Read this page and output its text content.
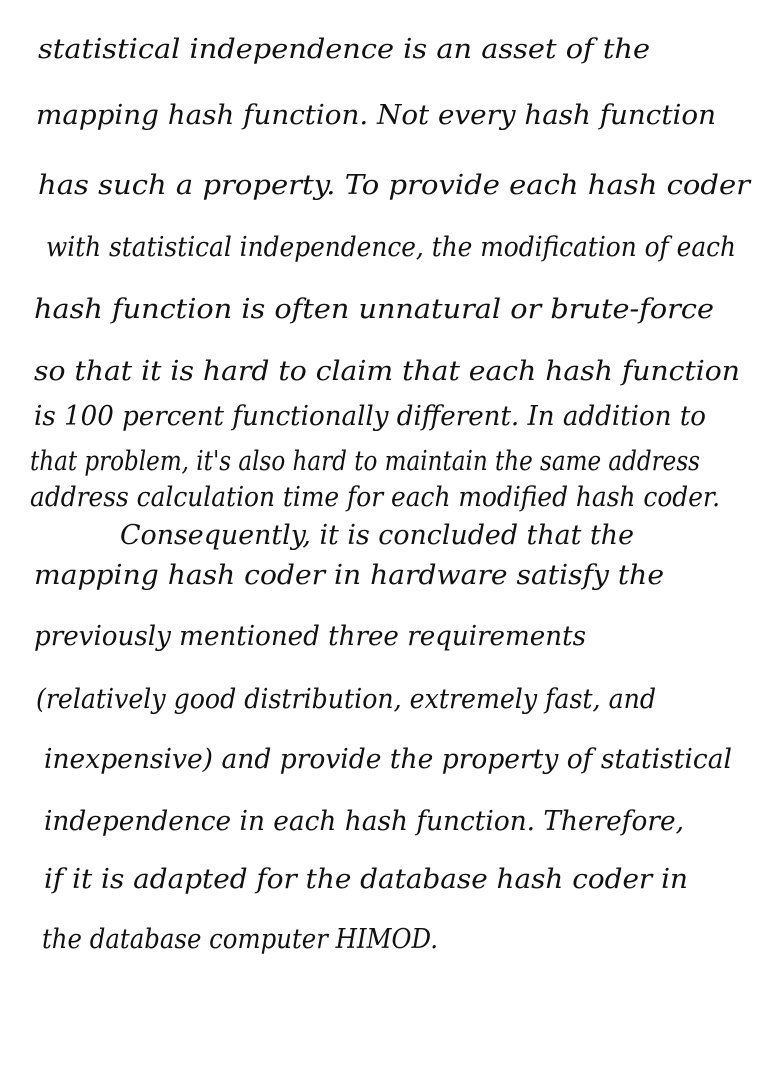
statistical independence is an asset of the
mapping hash function. Not every hash function
has such a property. To provide each hash coder
with statistical independence, the modification of each
hash function is often unnatural or brute-force
so that it is hard to claim that each hash function
is 100 percent functionally different. In addition to
that problem, it's also hard to maintain the same address
address calculation time for each modified hash coder.
Consequently, it is concluded that the
mapping hash coder in hardware satisfy the
previously mentioned three requirements
(relatively good distribution, extremely fast, and
inexpensive) and provide the property of statistical
independence in each hash function. Therefore,
if it is adapted for the database hash coder in
the database computer HIMOD.
